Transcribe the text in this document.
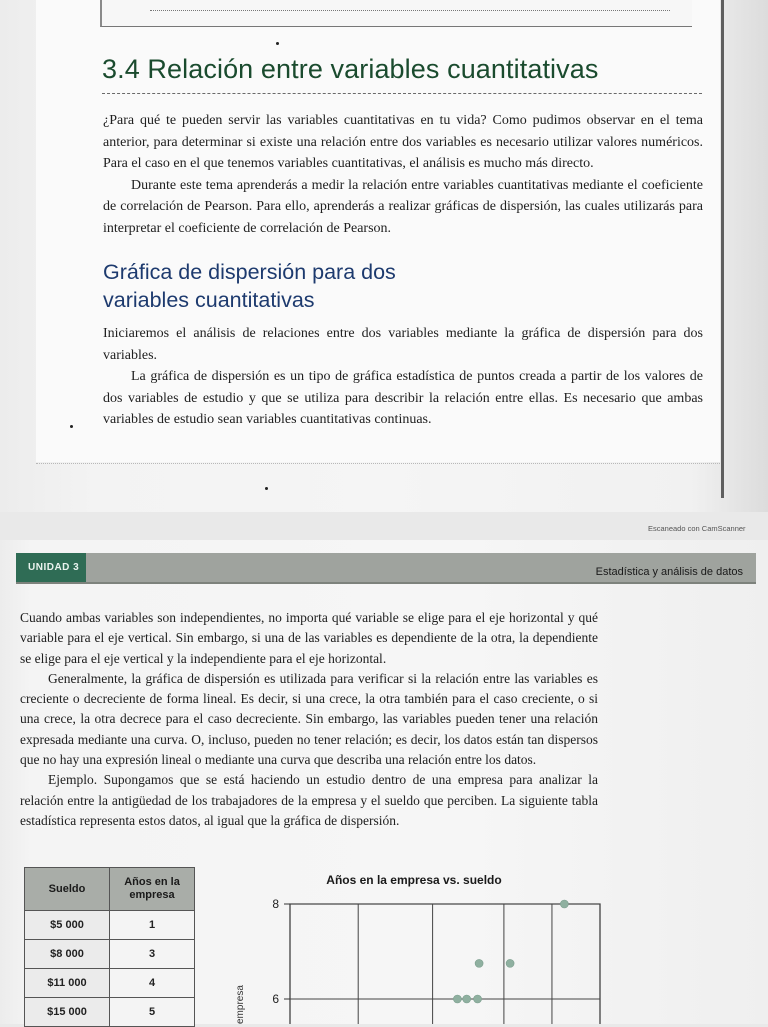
3.4 Relación entre variables cuantitativas
¿Para qué te pueden servir las variables cuantitativas en tu vida? Como pudimos observar en el tema anterior, para determinar si existe una relación entre dos variables es necesario utilizar valores numéricos. Para el caso en el que tenemos variables cuantitativas, el análisis es mucho más directo.
Durante este tema aprenderás a medir la relación entre variables cuantitativas mediante el coeficiente de correlación de Pearson. Para ello, aprenderás a realizar gráficas de dispersión, las cuales utilizarás para interpretar el coeficiente de correlación de Pearson.
Gráfica de dispersión para dos
variables cuantitativas
Iniciaremos el análisis de relaciones entre dos variables mediante la gráfica de dispersión para dos variables.
La gráfica de dispersión es un tipo de gráfica estadística de puntos creada a partir de los valores de dos variables de estudio y que se utiliza para describir la relación entre ellas. Es necesario que ambas variables de estudio sean variables cuantitativas continuas.
Escaneado con CamScanner
UNIDAD 3	Estadística y análisis de datos
Cuando ambas variables son independientes, no importa qué variable se elige para el eje horizontal y qué variable para el eje vertical. Sin embargo, si una de las variables es dependiente de la otra, la dependiente se elige para el eje vertical y la independiente para el eje horizontal.
Generalmente, la gráfica de dispersión es utilizada para verificar si la relación entre las variables es creciente o decreciente de forma lineal. Es decir, si una crece, la otra también para el caso creciente, o si una crece, la otra decrece para el caso decreciente. Sin embargo, las variables pueden tener una relación expresada mediante una curva. O, incluso, pueden no tener relación; es decir, los datos están tan dispersos que no hay una expresión lineal o mediante una curva que describa una relación entre los datos.
Ejemplo. Supongamos que se está haciendo un estudio dentro de una empresa para analizar la relación entre la antigüedad de los trabajadores de la empresa y el sueldo que perciben. La siguiente tabla estadística representa estos datos, al igual que la gráfica de dispersión.
Sueldo	Años en la empresa
$5 000	1
$8 000	3
$11 000	4
$15 000	5
Años en la empresa vs. sueldo
6
8
empresa
